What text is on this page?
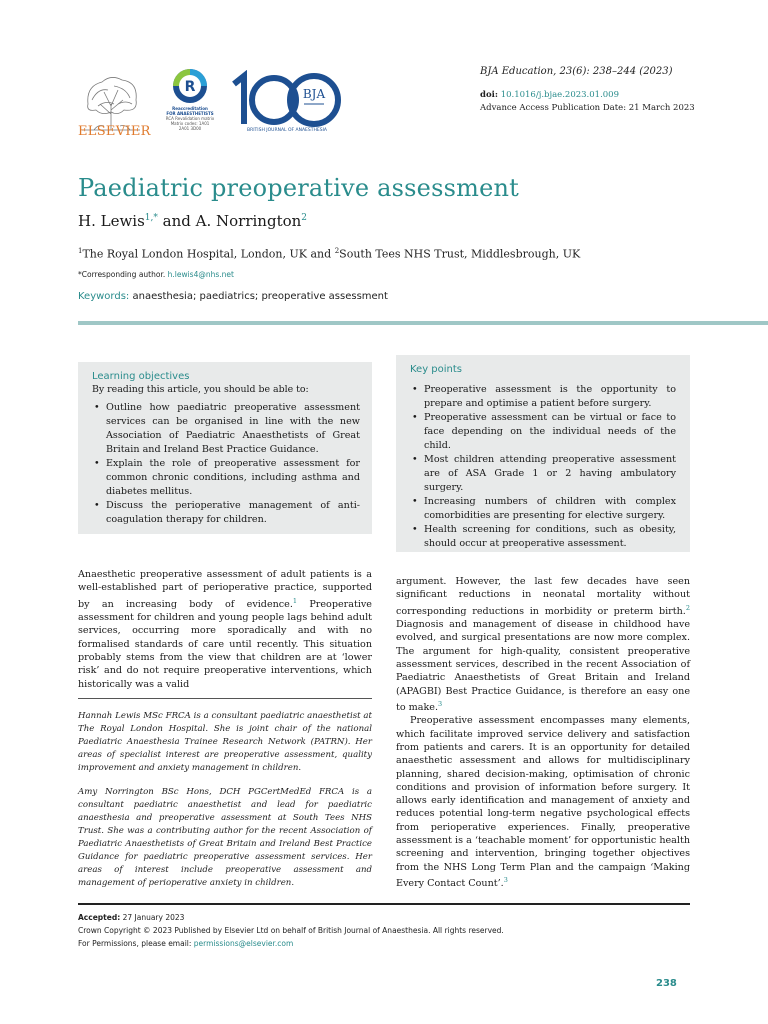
ELSEVIER
R
Reaccreditation
FOR ANAESTHETISTS
RCA Revalidation matrix
Matrix codes: 1A01
2A01 3D00
BJA
BRITISH JOURNAL OF ANAESTHESIA
BJA Education, 23(6): 238–244 (2023)
doi: 10.1016/j.bjae.2023.01.009
Advance Access Publication Date: 21 March 2023
Paediatric preoperative assessment
H. Lewis$^{1,*}$ and A. Norrington$^2$
$^1$The Royal London Hospital, London, UK and $^2$South Tees NHS Trust, Middlesbrough, UK
*Corresponding author. h.lewis4@nhs.net
Keywords: anaesthesia; paediatrics; preoperative assessment
Learning objectives
By reading this article, you should be able to:
• Outline how paediatric preoperative assessment services can be organised in line with the new Association of Paediatric Anaesthetists of Great Britain and Ireland Best Practice Guidance.
• Explain the role of preoperative assessment for common chronic conditions, including asthma and diabetes mellitus.
• Discuss the perioperative management of anti-coagulation therapy for children.
Key points
• Preoperative assessment is the opportunity to prepare and optimise a patient before surgery.
• Preoperative assessment can be virtual or face to face depending on the individual needs of the child.
• Most children attending preoperative assessment are of ASA Grade 1 or 2 having ambulatory surgery.
• Increasing numbers of children with complex comorbidities are presenting for elective surgery.
• Health screening for conditions, such as obesity, should occur at preoperative assessment.
Anaesthetic preoperative assessment of adult patients is a well-established part of perioperative practice, supported by an increasing body of evidence.$^1$ Preoperative assessment for children and young people lags behind adult services, occurring more sporadically and with no formalised standards of care until recently. This situation probably stems from the view that children are at ‘lower risk’ and do not require preoperative interventions, which historically was a valid

argument. However, the last few decades have seen significant reductions in neonatal mortality without corresponding reductions in morbidity or preterm birth.$^2$ Diagnosis and management of disease in childhood have evolved, and surgical presentations are now more complex. The argument for high-quality, consistent preoperative assessment services, described in the recent Association of Paediatric Anaesthetists of Great Britain and Ireland (APAGBI) Best Practice Guidance, is therefore an easy one to make.$^3$

Preoperative assessment encompasses many elements, which facilitate improved service delivery and satisfaction from patients and carers. It is an opportunity for detailed anaesthetic assessment and allows for multidisciplinary planning, shared decision-making, optimisation of chronic conditions and provision of information before surgery. It allows early identification and management of anxiety and reduces potential long-term negative psychological effects from perioperative experiences. Finally, preoperative assessment is a ‘teachable moment’ for opportunistic health screening and intervention, bringing together objectives from the NHS Long Term Plan and the campaign ‘Making Every Contact Count’.$^3$

Hannah Lewis MSc FRCA is a consultant paediatric anaesthetist at The Royal London Hospital. She is joint chair of the national Paediatric Anaesthesia Trainee Research Network (PATRN). Her areas of specialist interest are preoperative assessment, quality improvement and anxiety management in children.
Amy Norrington BSc Hons, DCH PGCertMedEd FRCA is a consultant paediatric anaesthetist and lead for paediatric anaesthesia and preoperative assessment at South Tees NHS Trust. She was a contributing author for the recent Association of Paediatric Anaesthetists of Great Britain and Ireland Best Practice Guidance for paediatric preoperative assessment services. Her areas of interest include preoperative assessment and management of perioperative anxiety in children.
Accepted: 27 January 2023
Crown Copyright © 2023 Published by Elsevier Ltd on behalf of British Journal of Anaesthesia. All rights reserved.
For Permissions, please email: permissions@elsevier.com
238
